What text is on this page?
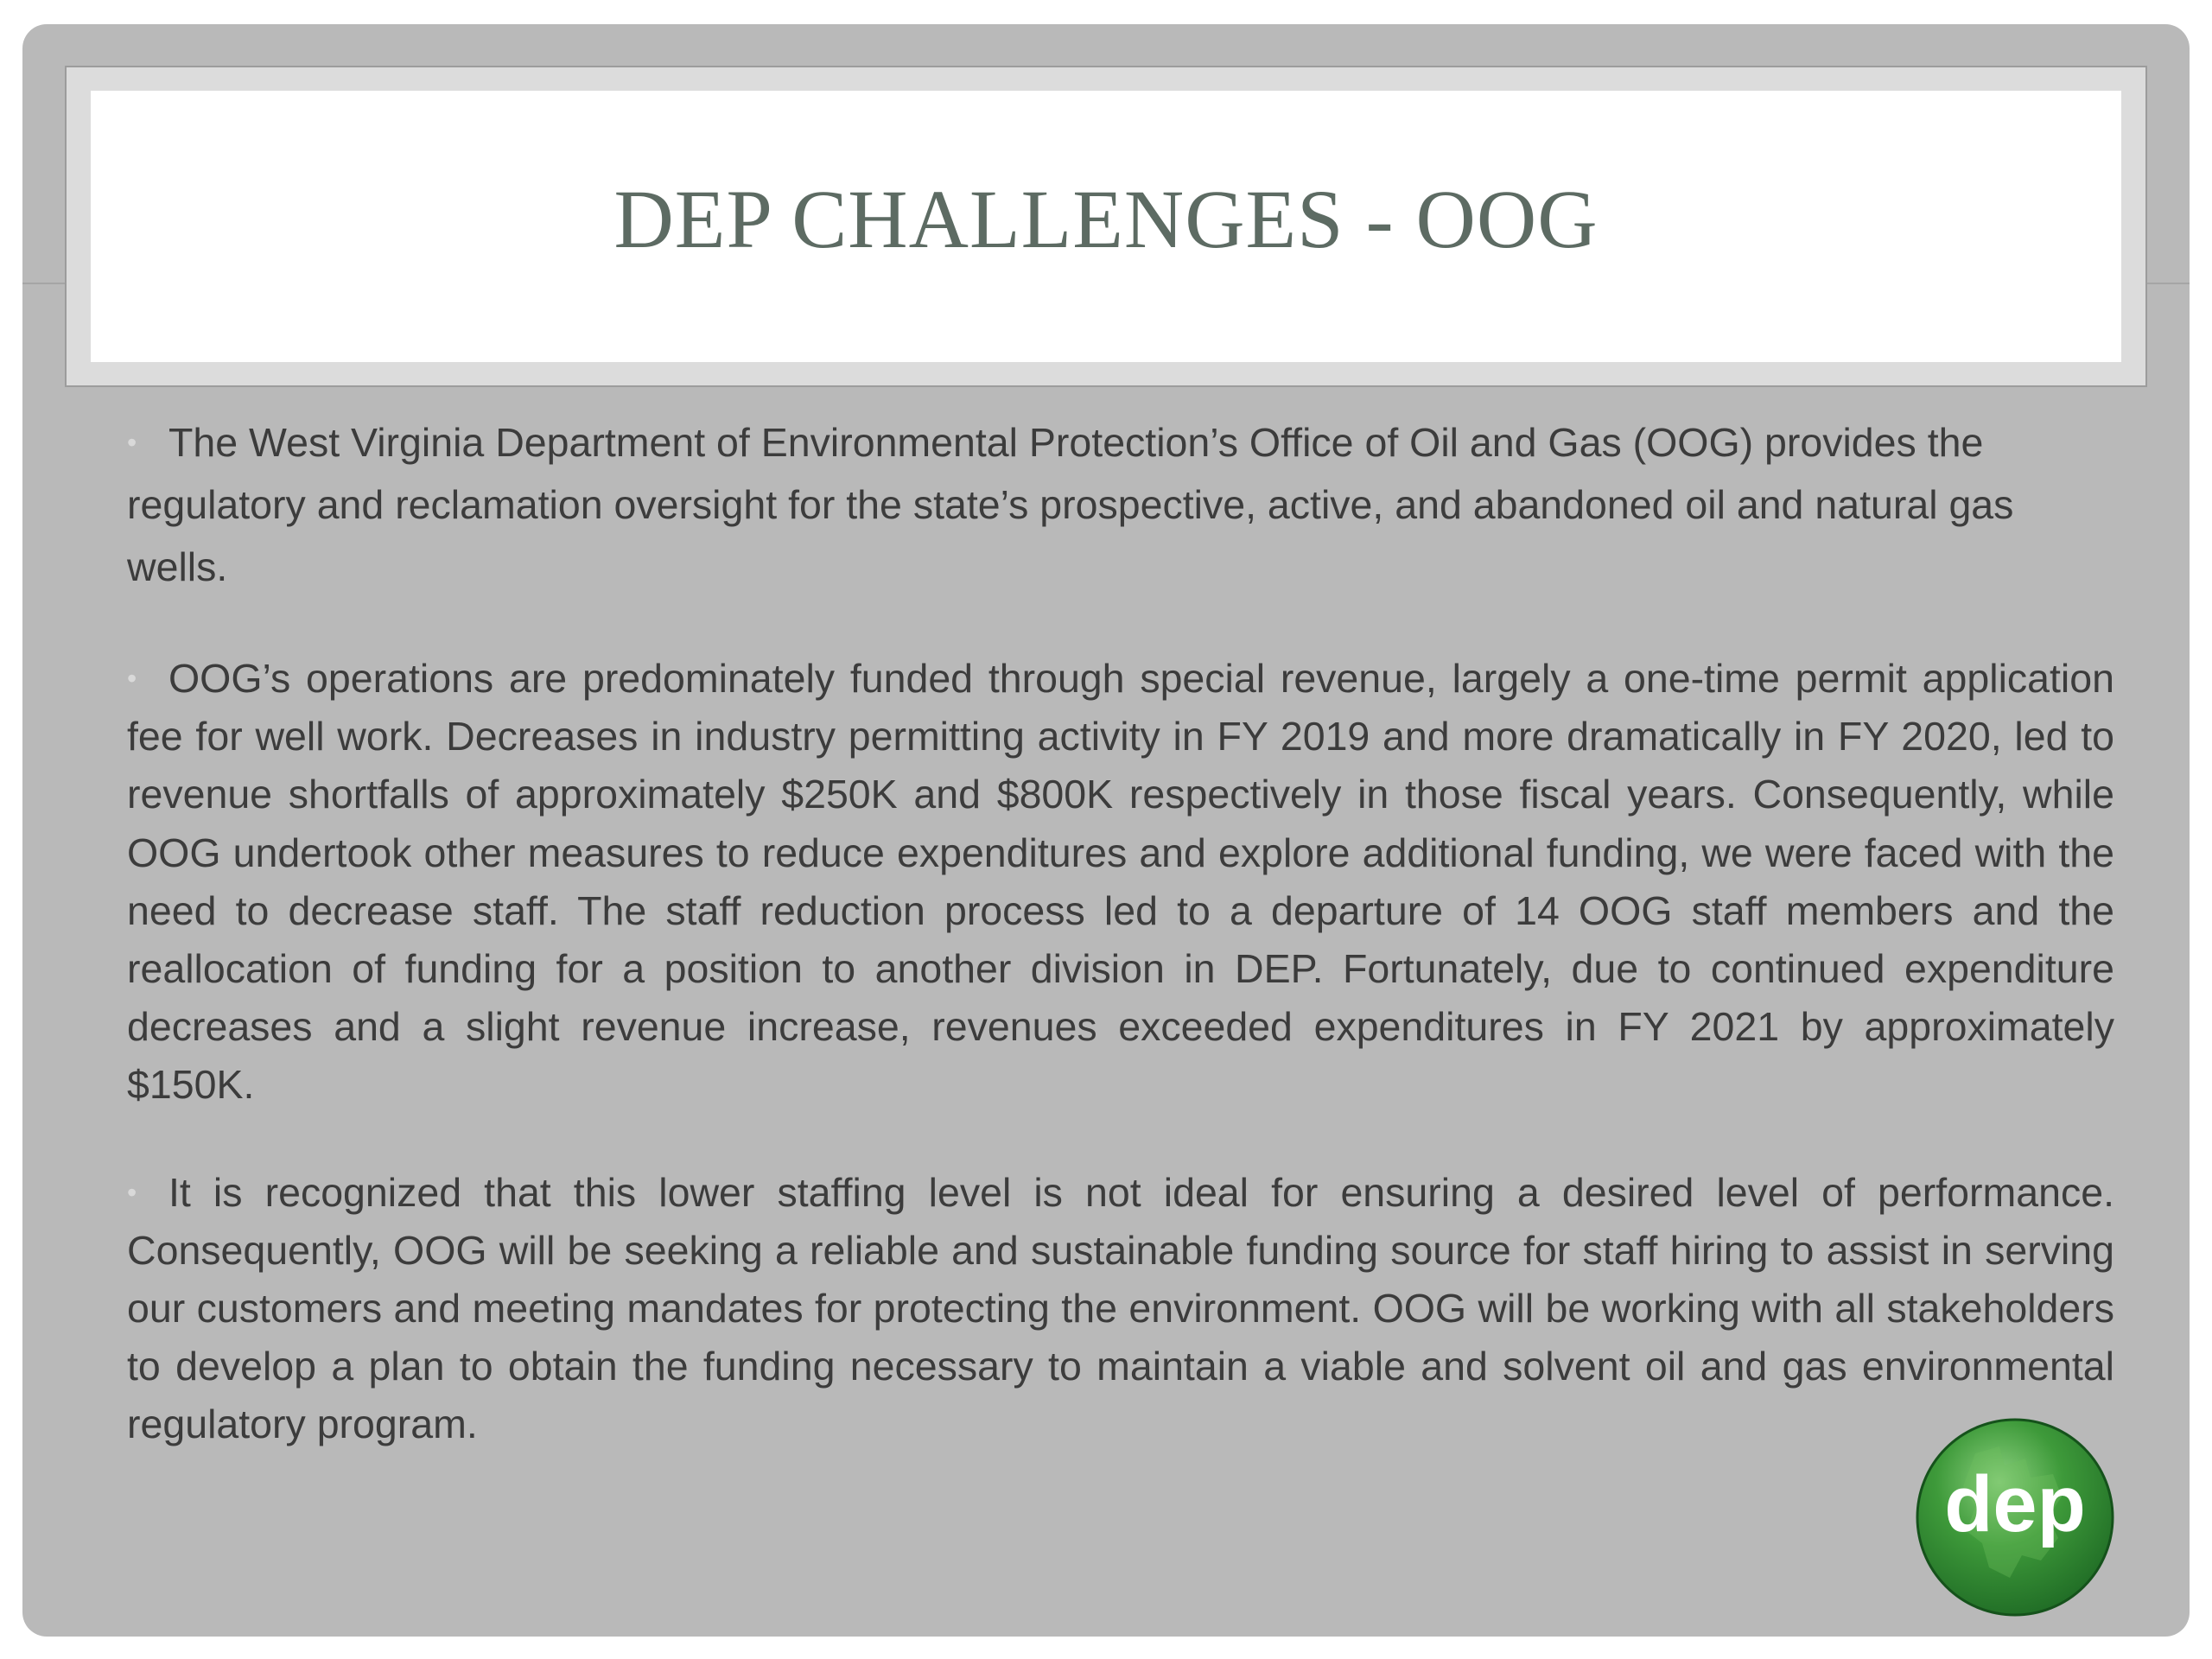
DEP CHALLENGES - OOG

• The West Virginia Department of Environmental Protection’s Office of Oil and Gas (OOG) provides the regulatory and reclamation oversight for the state’s prospective, active, and abandoned oil and natural gas wells.

• OOG’s operations are predominately funded through special revenue, largely a one-time permit application fee for well work. Decreases in industry permitting activity in FY 2019 and more dramatically in FY 2020, led to revenue shortfalls of approximately $250K and $800K respectively in those fiscal years. Consequently, while OOG undertook other measures to reduce expenditures and explore additional funding, we were faced with the need to decrease staff. The staff reduction process led to a departure of 14 OOG staff members and the reallocation of funding for a position to another division in DEP. Fortunately, due to continued expenditure decreases and a slight revenue increase, revenues exceeded expenditures in FY 2021 by approximately $150K.

• It is recognized that this lower staffing level is not ideal for ensuring a desired level of performance. Consequently, OOG will be seeking a reliable and sustainable funding source for staff hiring to assist in serving our customers and meeting mandates for protecting the environment. OOG will be working with all stakeholders to develop a plan to obtain the funding necessary to maintain a viable and solvent oil and gas environmental regulatory program.

dep
